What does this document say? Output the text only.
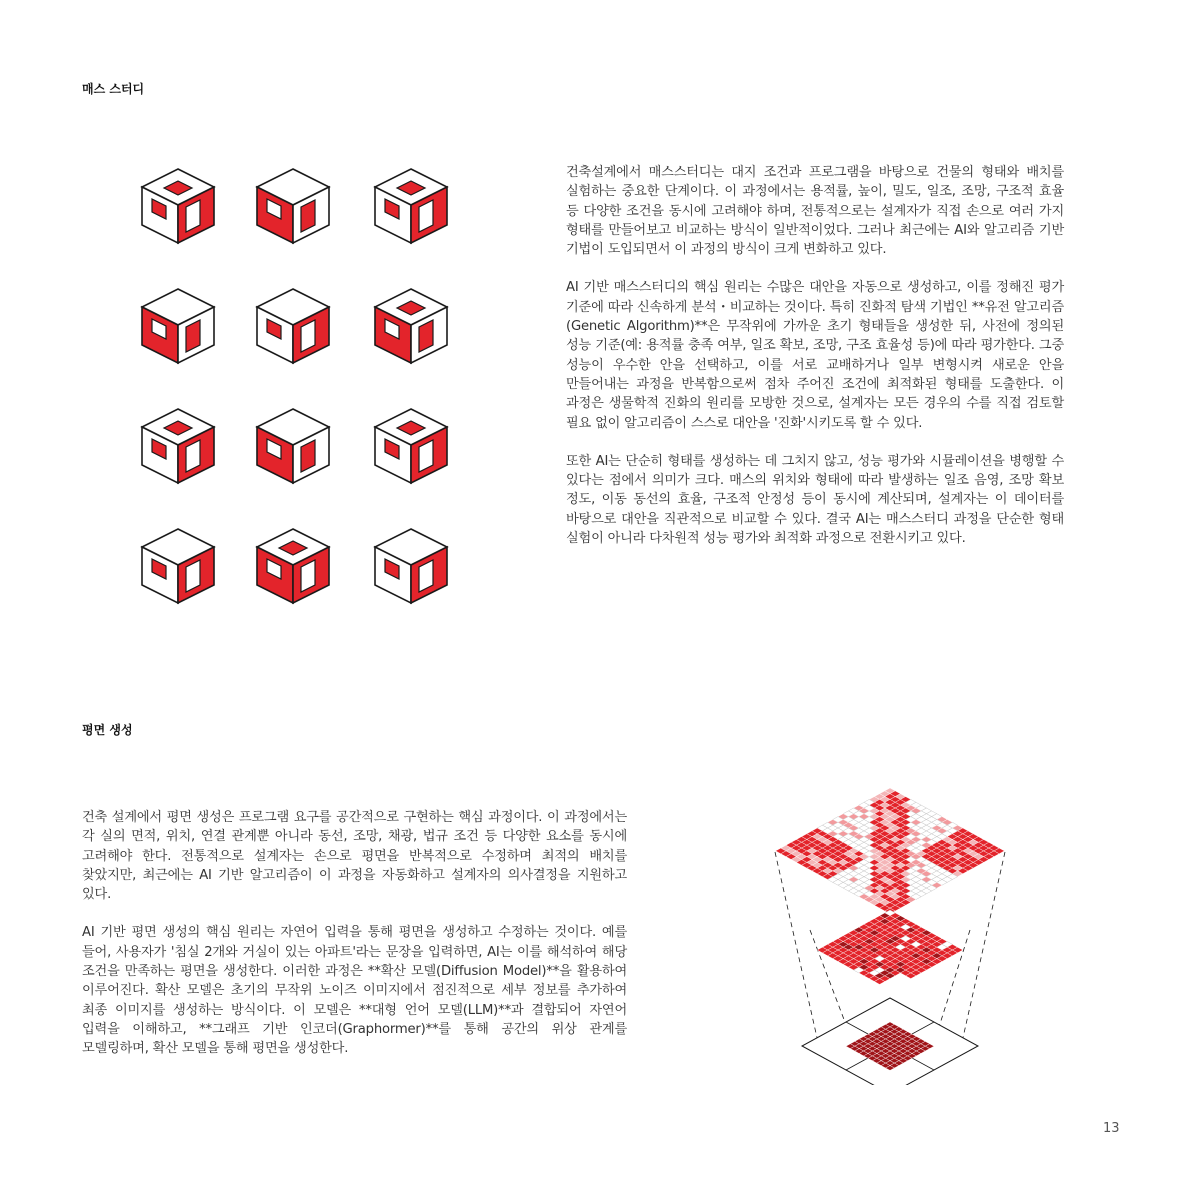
매스 스터디

건축설계에서 매스스터디는 대지 조건과 프로그램을 바탕으로 건물의 형태와 배치를 실험하는 중요한 단계이다. 이 과정에서는 용적률, 높이, 밀도, 일조, 조망, 구조적 효율 등 다양한 조건을 동시에 고려해야 하며, 전통적으로는 설계자가 직접 손으로 여러 가지 형태를 만들어보고 비교하는 방식이 일반적이었다. 그러나 최근에는 AI와 알고리즘 기반 기법이 도입되면서 이 과정의 방식이 크게 변화하고 있다.

AI 기반 매스스터디의 핵심 원리는 수많은 대안을 자동으로 생성하고, 이를 정해진 평가 기준에 따라 신속하게 분석・비교하는 것이다. 특히 진화적 탐색 기법인 **유전 알고리즘(Genetic Algorithm)**은 무작위에 가까운 초기 형태들을 생성한 뒤, 사전에 정의된 성능 기준(예: 용적률 충족 여부, 일조 확보, 조망, 구조 효율성 등)에 따라 평가한다. 그중 성능이 우수한 안을 선택하고, 이를 서로 교배하거나 일부 변형시켜 새로운 안을 만들어내는 과정을 반복함으로써 점차 주어진 조건에 최적화된 형태를 도출한다. 이 과정은 생물학적 진화의 원리를 모방한 것으로, 설계자는 모든 경우의 수를 직접 검토할 필요 없이 알고리즘이 스스로 대안을 '진화'시키도록 할 수 있다.

또한 AI는 단순히 형태를 생성하는 데 그치지 않고, 성능 평가와 시뮬레이션을 병행할 수 있다는 점에서 의미가 크다. 매스의 위치와 형태에 따라 발생하는 일조 음영, 조망 확보 정도, 이동 동선의 효율, 구조적 안정성 등이 동시에 계산되며, 설계자는 이 데이터를 바탕으로 대안을 직관적으로 비교할 수 있다. 결국 AI는 매스스터디 과정을 단순한 형태 실험이 아니라 다차원적 성능 평가와 최적화 과정으로 전환시키고 있다.

평면 생성

건축 설계에서 평면 생성은 프로그램 요구를 공간적으로 구현하는 핵심 과정이다. 이 과정에서는 각 실의 면적, 위치, 연결 관계뿐 아니라 동선, 조망, 채광, 법규 조건 등 다양한 요소를 동시에 고려해야 한다. 전통적으로 설계자는 손으로 평면을 반복적으로 수정하며 최적의 배치를 찾았지만, 최근에는 AI 기반 알고리즘이 이 과정을 자동화하고 설계자의 의사결정을 지원하고 있다.

AI 기반 평면 생성의 핵심 원리는 자연어 입력을 통해 평면을 생성하고 수정하는 것이다. 예를 들어, 사용자가 '침실 2개와 거실이 있는 아파트'라는 문장을 입력하면, AI는 이를 해석하여 해당 조건을 만족하는 평면을 생성한다. 이러한 과정은 **확산 모델(Diffusion Model)**을 활용하여 이루어진다. 확산 모델은 초기의 무작위 노이즈 이미지에서 점진적으로 세부 정보를 추가하여 최종 이미지를 생성하는 방식이다. 이 모델은 **대형 언어 모델(LLM)**과 결합되어 자연어 입력을 이해하고, **그래프 기반 인코더(Graphormer)**를 통해 공간의 위상 관계를 모델링하며, 확산 모델을 통해 평면을 생성한다.

13
